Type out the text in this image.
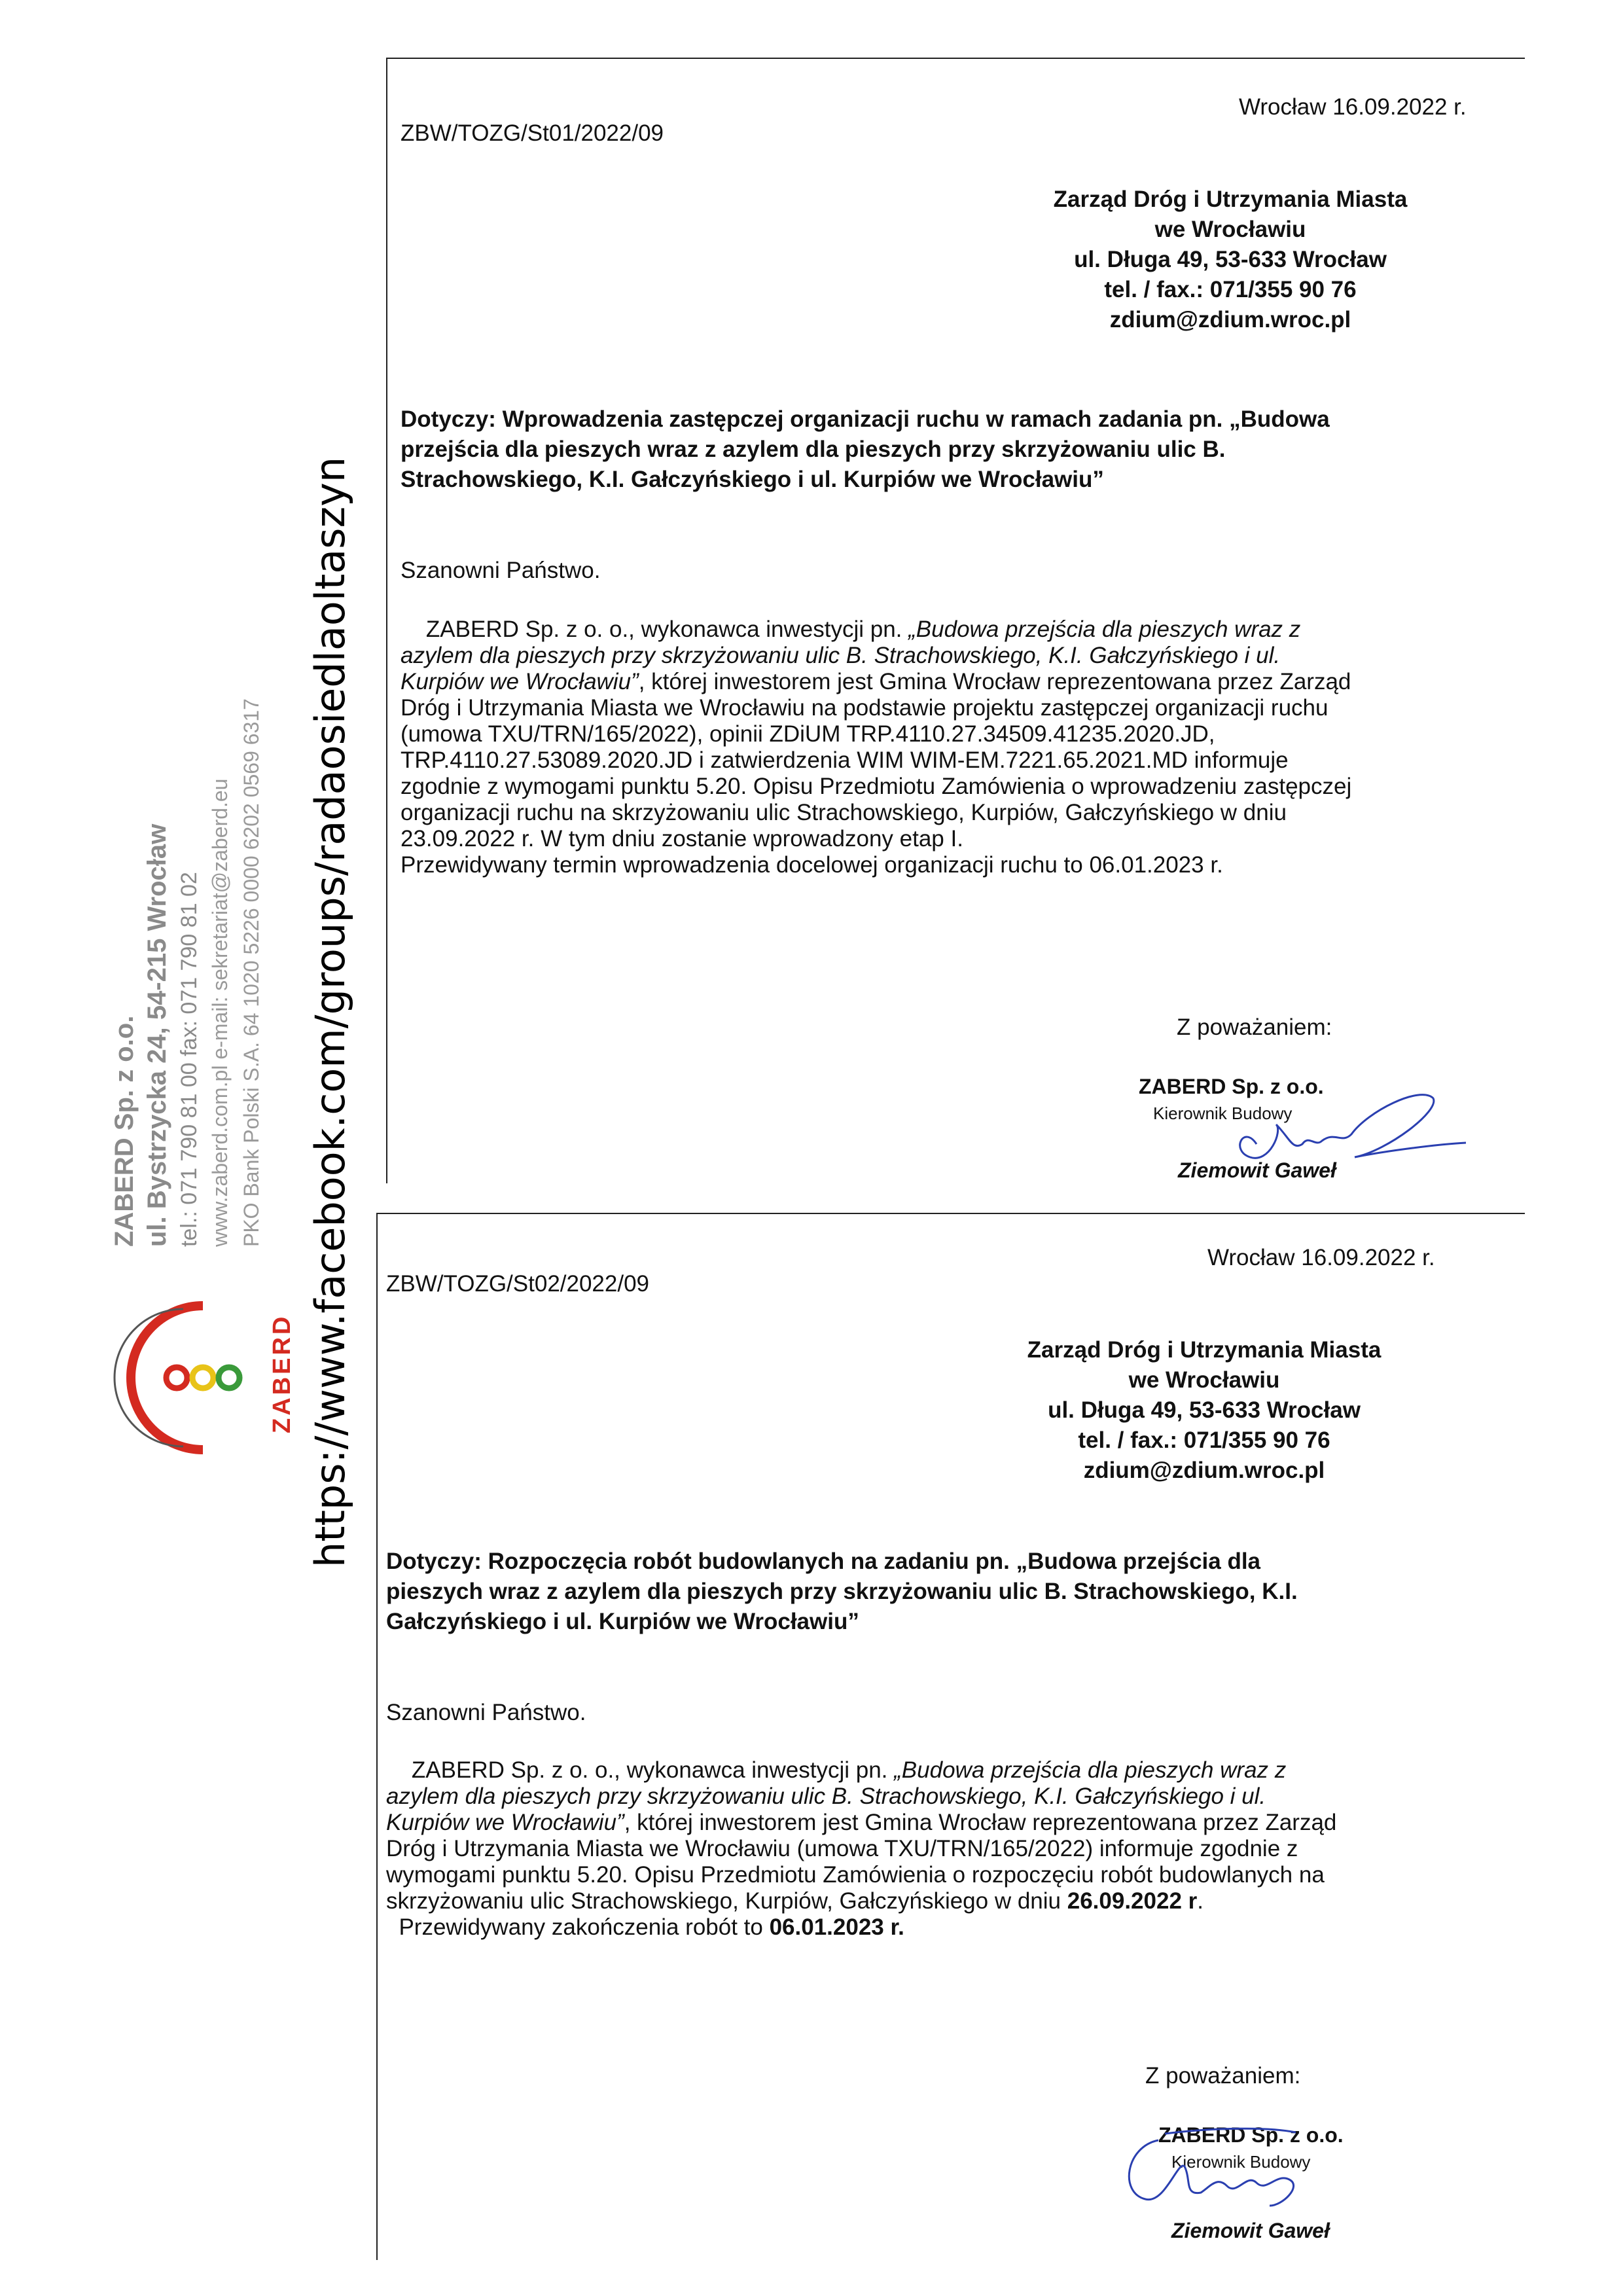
ZABERD Sp. z o.o. ul. Bystrzycka 24, 54-215 Wrocław tel.: 071 790 81 00 fax: 071 790 81 02 www.zaberd.com.pl e-mail: sekretariat@zaberd.eu PKO Bank Polski S.A. 64 1020 5226 0000 6202 0569 6317
ZABERD https://www.facebook.com/groups/radaosiedlaoltaszyn
ZBW/TOZG/St01/2022/09
Wrocław 16.09.2022 r.
Zarząd Dróg i Utrzymania Miasta
we Wrocławiu
ul. Długa 49, 53-633 Wrocław
tel. / fax.: 071/355 90 76
zdium@zdium.wroc.pl
Dotyczy: Wprowadzenia zastępczej organizacji ruchu w ramach zadania pn. „Budowa
przejścia dla pieszych wraz z azylem dla pieszych przy skrzyżowaniu ulic B.
Strachowskiego, K.I. Gałczyńskiego i ul. Kurpiów we Wrocławiu”
Szanowni Państwo.
ZABERD Sp. z o. o., wykonawca inwestycji pn. „Budowa przejścia dla pieszych wraz z
azylem dla pieszych przy skrzyżowaniu ulic B. Strachowskiego, K.I. Gałczyńskiego i ul.
Kurpiów we Wrocławiu”, której inwestorem jest Gmina Wrocław reprezentowana przez Zarząd
Dróg i Utrzymania Miasta we Wrocławiu na podstawie projektu zastępczej organizacji ruchu
(umowa TXU/TRN/165/2022), opinii ZDiUM TRP.4110.27.34509.41235.2020.JD,
TRP.4110.27.53089.2020.JD i zatwierdzenia WIM WIM-EM.7221.65.2021.MD informuje
zgodnie z wymogami punktu 5.20. Opisu Przedmiotu Zamówienia o wprowadzeniu zastępczej
organizacji ruchu na skrzyżowaniu ulic Strachowskiego, Kurpiów, Gałczyńskiego w dniu
23.09.2022 r. W tym dniu zostanie wprowadzony etap I.
Przewidywany termin wprowadzenia docelowej organizacji ruchu to 06.01.2023 r.
Z poważaniem:
ZABERD Sp. z o.o.
Kierownik Budowy
Ziemowit Gaweł
ZBW/TOZG/St02/2022/09
Wrocław 16.09.2022 r.
Zarząd Dróg i Utrzymania Miasta
we Wrocławiu
ul. Długa 49, 53-633 Wrocław
tel. / fax.: 071/355 90 76
zdium@zdium.wroc.pl
Dotyczy: Rozpoczęcia robót budowlanych na zadaniu pn. „Budowa przejścia dla
pieszych wraz z azylem dla pieszych przy skrzyżowaniu ulic B. Strachowskiego, K.I.
Gałczyńskiego i ul. Kurpiów we Wrocławiu”
Szanowni Państwo.
ZABERD Sp. z o. o., wykonawca inwestycji pn. „Budowa przejścia dla pieszych wraz z
azylem dla pieszych przy skrzyżowaniu ulic B. Strachowskiego, K.I. Gałczyńskiego i ul.
Kurpiów we Wrocławiu”, której inwestorem jest Gmina Wrocław reprezentowana przez Zarząd
Dróg i Utrzymania Miasta we Wrocławiu (umowa TXU/TRN/165/2022) informuje zgodnie z
wymogami punktu 5.20. Opisu Przedmiotu Zamówienia o rozpoczęciu robót budowlanych na
skrzyżowaniu ulic Strachowskiego, Kurpiów, Gałczyńskiego w dniu 26.09.2022 r.
Przewidywany zakończenia robót to 06.01.2023 r.
Z poważaniem:
ZABERD Sp. z o.o.
Kierownik Budowy
Ziemowit Gaweł
